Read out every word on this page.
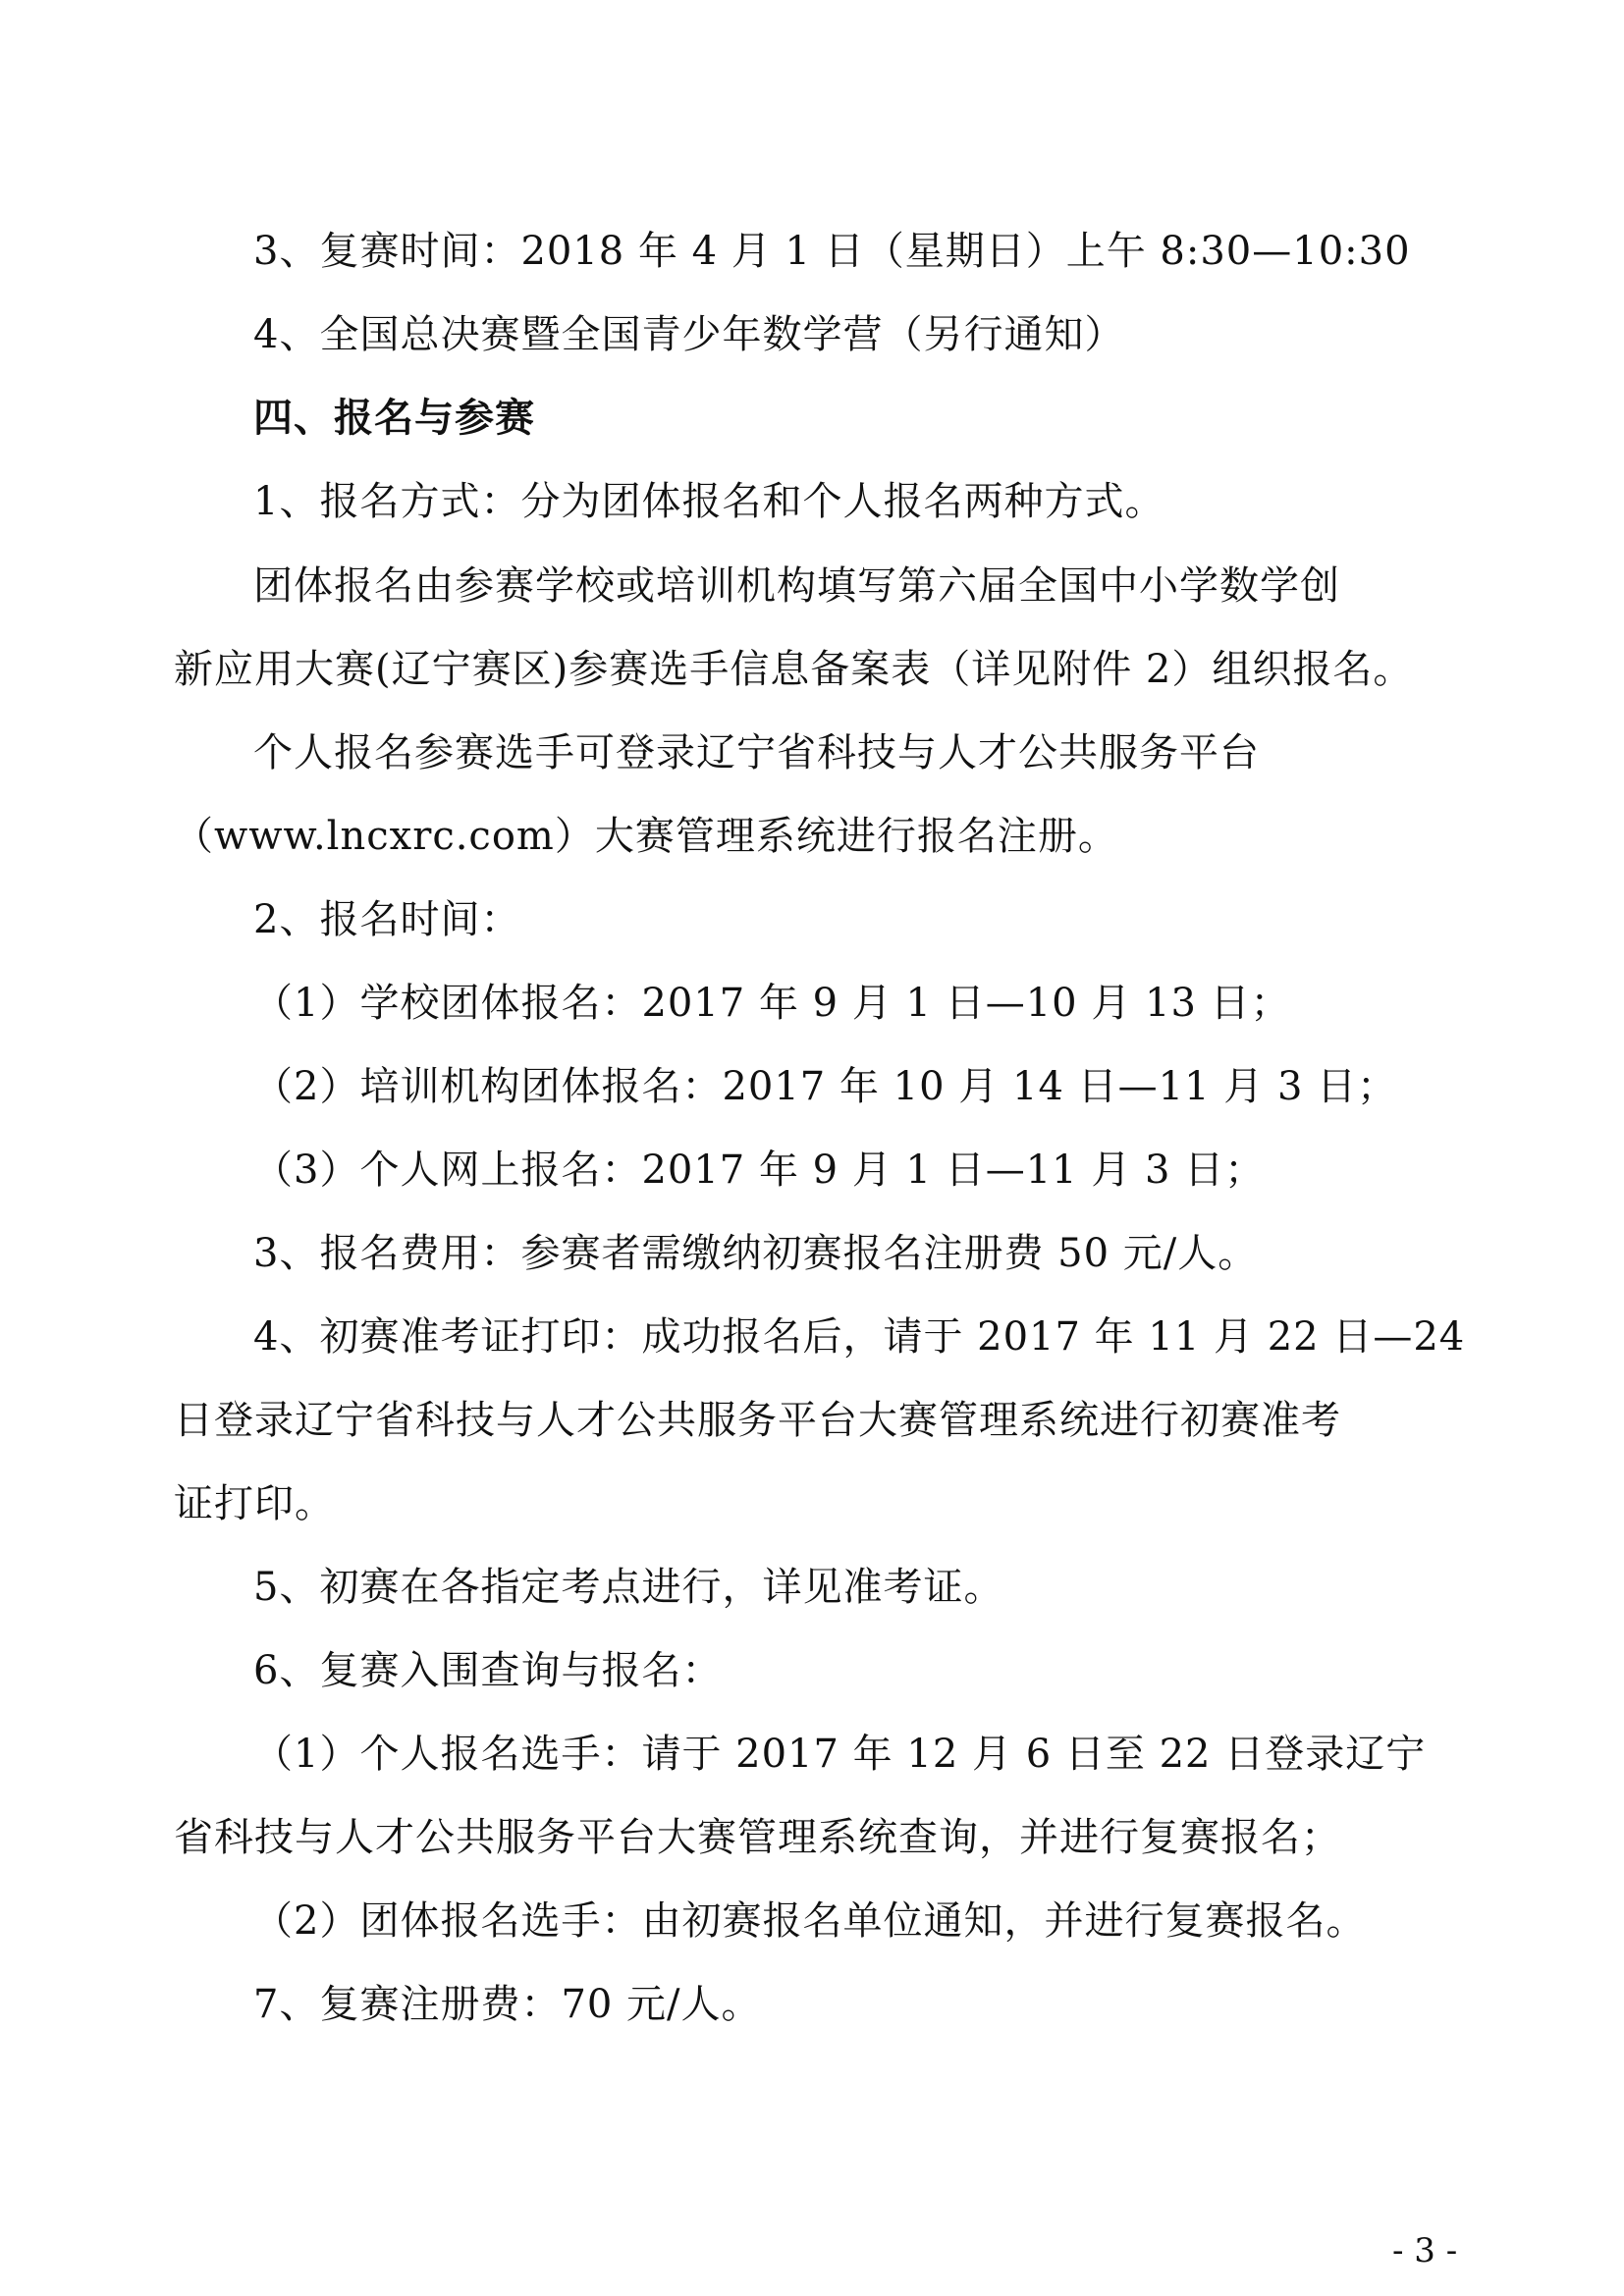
3、复赛时间：2018 年 4 月 1 日（星期日）上午 8:30—10:30
4、全国总决赛暨全国青少年数学营（另行通知）
四、报名与参赛
1、报名方式：分为团体报名和个人报名两种方式。
团体报名由参赛学校或培训机构填写第六届全国中小学数学创
新应用大赛(辽宁赛区)参赛选手信息备案表（详见附件 2）组织报名。
个人报名参赛选手可登录辽宁省科技与人才公共服务平台
（www.lncxrc.com）大赛管理系统进行报名注册。
2、报名时间：
（1）学校团体报名：2017 年 9 月 1 日—10 月 13 日；
（2）培训机构团体报名：2017 年 10 月 14 日—11 月 3 日；
（3）个人网上报名：2017 年 9 月 1 日—11 月 3 日；
3、报名费用：参赛者需缴纳初赛报名注册费 50 元/人。
4、初赛准考证打印：成功报名后，请于 2017 年 11 月 22 日—24
日登录辽宁省科技与人才公共服务平台大赛管理系统进行初赛准考
证打印。
5、初赛在各指定考点进行，详见准考证。
6、复赛入围查询与报名：
（1）个人报名选手：请于 2017 年 12 月 6 日至 22 日登录辽宁
省科技与人才公共服务平台大赛管理系统查询，并进行复赛报名；
（2）团体报名选手：由初赛报名单位通知，并进行复赛报名。
7、复赛注册费：70 元/人。
- 3 -
